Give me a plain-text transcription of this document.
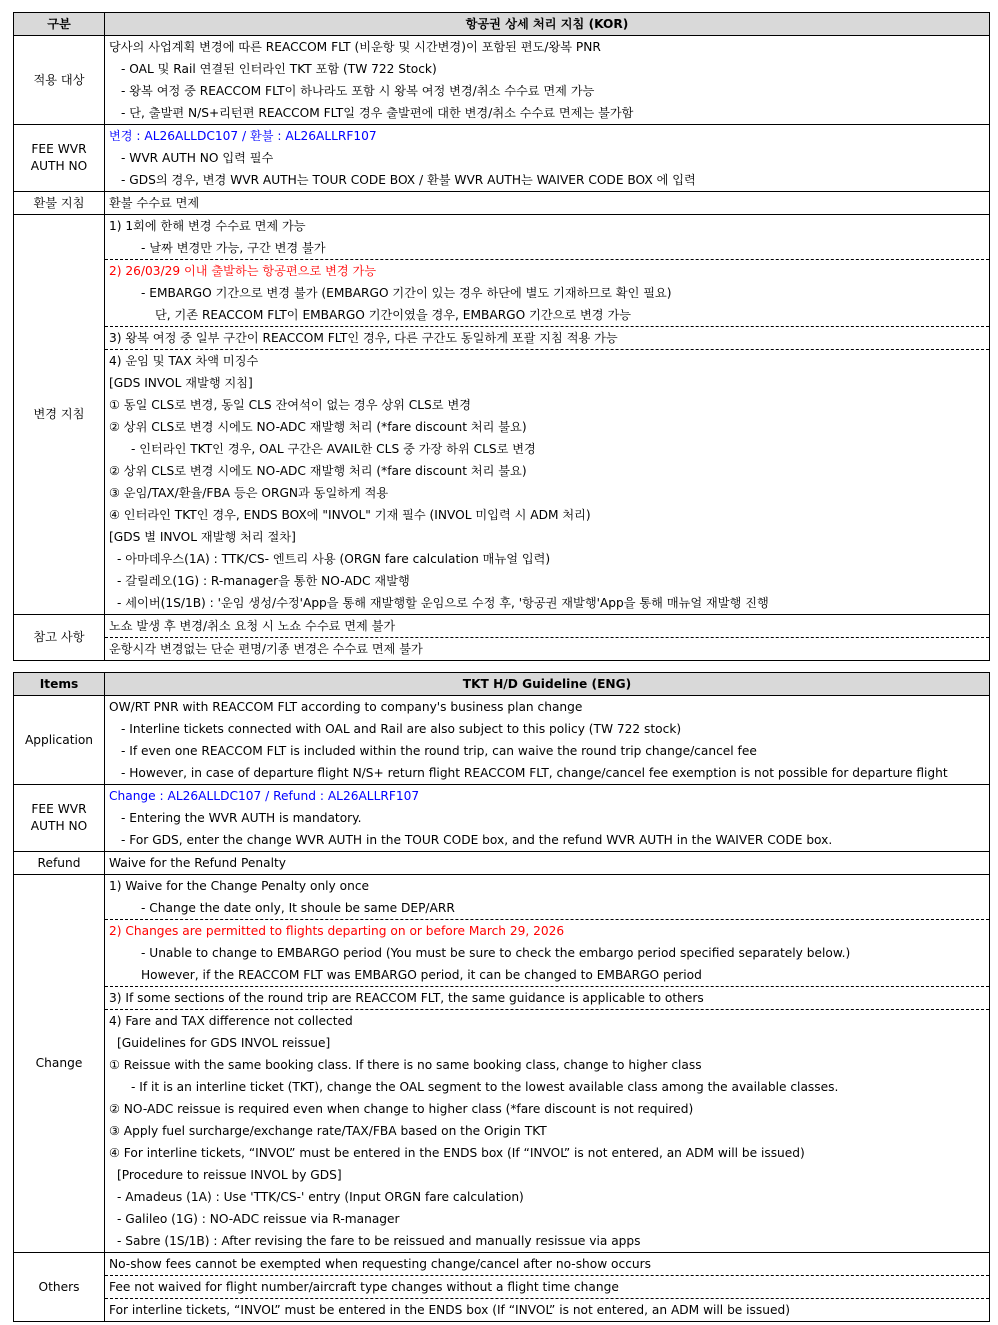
구분	항공권 상세 처리 지침 (KOR)
적용 대상	당사의 사업계획 변경에 따른 REACCOM FLT (비운항 및 시간변경)이 포함된 편도/왕복 PNR
	- OAL 및 Rail 연결된 인터라인 TKT 포함 (TW 722 Stock)
	- 왕복 여정 중 REACCOM FLT이 하나라도 포함 시 왕복 여정 변경/취소 수수료 면제 가능
	- 단, 출발편 N/S+리턴편 REACCOM FLT일 경우 출발편에 대한 변경/취소 수수료 면제는 불가함
FEE WVR AUTH NO	변경 : AL26ALLDC107 / 환불 : AL26ALLRF107
	- WVR AUTH NO 입력 필수
	- GDS의 경우, 변경 WVR AUTH는 TOUR CODE BOX / 환불 WVR AUTH는 WAIVER CODE BOX 에 입력
환불 지침	환불 수수료 면제
변경 지침	1) 1회에 한해 변경 수수료 면제 가능
	- 날짜 변경만 가능, 구간 변경 불가
	2) 26/03/29 이내 출발하는 항공편으로 변경 가능
	- EMBARGO 기간으로 변경 불가 (EMBARGO 기간이 있는 경우 하단에 별도 기재하므로 확인 필요)
	단, 기존 REACCOM FLT이 EMBARGO 기간이였을 경우, EMBARGO 기간으로 변경 가능
	3) 왕복 여정 중 일부 구간이 REACCOM FLT인 경우, 다른 구간도 동일하게 포괄 지침 적용 가능
	4) 운임 및 TAX 차액 미징수
	[GDS INVOL 재발행 지침]
	① 동일 CLS로 변경, 동일 CLS 잔여석이 없는 경우 상위 CLS로 변경
	② 상위 CLS로 변경 시에도 NO-ADC 재발행 처리 (*fare discount 처리 불요)
	- 인터라인 TKT인 경우, OAL 구간은 AVAIL한 CLS 중 가장 하위 CLS로 변경
	② 상위 CLS로 변경 시에도 NO-ADC 재발행 처리 (*fare discount 처리 불요)
	③ 운임/TAX/환율/FBA 등은 ORGN과 동일하게 적용
	④ 인터라인 TKT인 경우, ENDS BOX에 "INVOL" 기재 필수 (INVOL 미입력 시 ADM 처리)
	[GDS 별 INVOL 재발행 처리 절차]
	- 아마데우스(1A) : TTK/CS- 엔트리 사용 (ORGN fare calculation 매뉴얼 입력)
	- 갈릴레오(1G) : R-manager을 통한 NO-ADC 재발행
	- 세이버(1S/1B) : '운임 생성/수정'App을 통해 재발행할 운임으로 수정 후, '항공권 재발행'App을 통해 매뉴얼 재발행 진행
참고 사항	노쇼 발생 후 변경/취소 요청 시 노쇼 수수료 면제 불가
	운항시각 변경없는 단순 편명/기종 변경은 수수료 면제 불가
Items	TKT H/D Guideline (ENG)
Application	OW/RT PNR with REACCOM FLT according to company's business plan change
	- Interline tickets connected with OAL and Rail are also subject to this policy (TW 722 stock)
	- If even one REACCOM FLT is included within the round trip, can waive the round trip change/cancel fee
	- However, in case of departure flight N/S+ return flight REACCOM FLT, change/cancel fee exemption is not possible for departure flight
FEE WVR AUTH NO	Change : AL26ALLDC107 / Refund : AL26ALLRF107
	- Entering the WVR AUTH is mandatory.
	- For GDS, enter the change WVR AUTH in the TOUR CODE box, and the refund WVR AUTH in the WAIVER CODE box.
Refund	Waive for the Refund Penalty
Change	1) Waive for the Change Penalty only once
	- Change the date only, It shoule be same DEP/ARR
	2) Changes are permitted to flights departing on or before March 29, 2026
	- Unable to change to EMBARGO period (You must be sure to check the embargo period specified separately below.)
	However, if the REACCOM FLT was EMBARGO period, it can be changed to EMBARGO period
	3) If some sections of the round trip are REACCOM FLT, the same guidance is applicable to others
	4) Fare and TAX difference not collected
	[Guidelines for GDS INVOL reissue]
	① Reissue with the same booking class. If there is no same booking class, change to higher class
	- If it is an interline ticket (TKT), change the OAL segment to the lowest available class among the available classes.
	② NO-ADC reissue is required even when change to higher class (*fare discount is not required)
	③ Apply fuel surcharge/exchange rate/TAX/FBA based on the Origin TKT
	④ For interline tickets, “INVOL” must be entered in the ENDS box (If “INVOL” is not entered, an ADM will be issued)
	[Procedure to reissue INVOL by GDS]
	- Amadeus (1A) : Use 'TTK/CS-' entry (Input ORGN fare calculation)
	- Galileo (1G) : NO-ADC reissue via R-manager
	- Sabre (1S/1B) : After revising the fare to be reissued and manually resissue via apps
Others	No-show fees cannot be exempted when requesting change/cancel after no-show occurs
	Fee not waived for flight number/aircraft type changes without a flight time change
	For interline tickets, “INVOL” must be entered in the ENDS box (If “INVOL” is not entered, an ADM will be issued)
